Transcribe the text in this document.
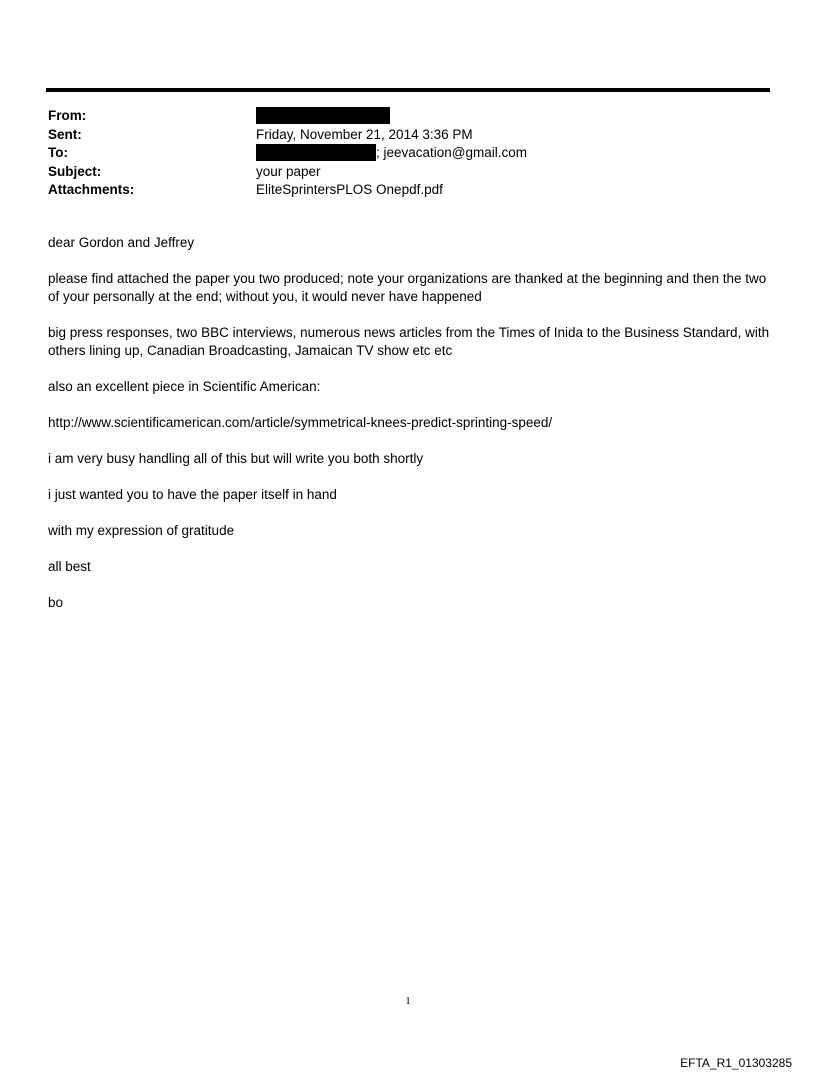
From:
Sent:	Friday, November 21, 2014 3:36 PM
To:	; jeevacation@gmail.com
Subject:	your paper
Attachments:	EliteSprintersPLOS Onepdf.pdf

dear Gordon and Jeffrey

please find attached the paper you two produced; note your organizations are thanked at the beginning and then the two of your personally at the end; without you, it would never have happened

big press responses, two BBC interviews, numerous news articles from the Times of Inida to the Business Standard, with others lining up, Canadian Broadcasting, Jamaican TV show etc etc

also an excellent piece in Scientific American:

http://www.scientificamerican.com/article/symmetrical-knees-predict-sprinting-speed/

i am very busy handling all of this but will write you both shortly

i just wanted you to have the paper itself in hand

with my expression of gratitude

all best

bo

1
EFTA_R1_01303285
